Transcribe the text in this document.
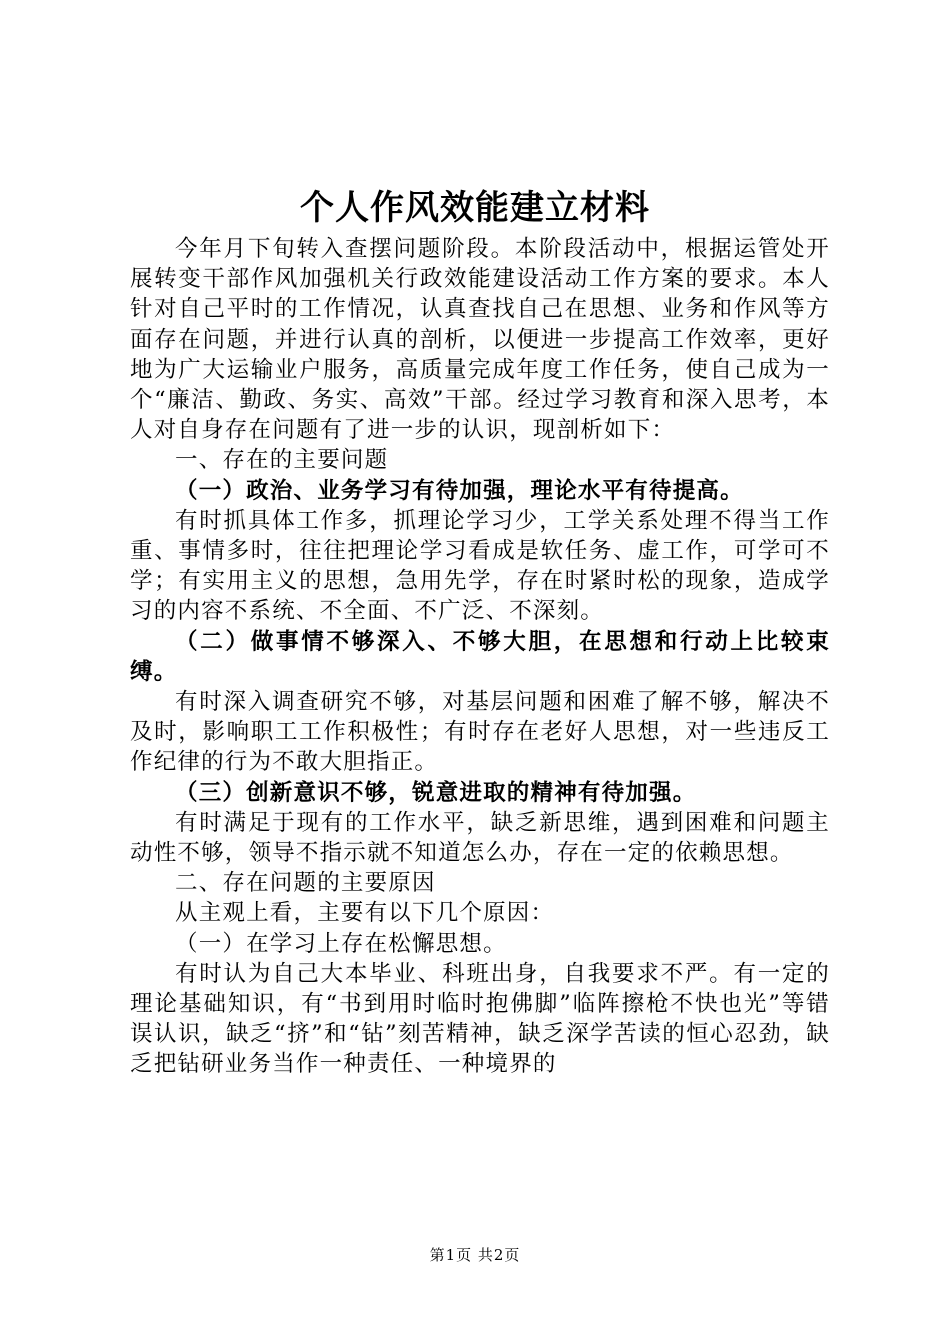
个人作风效能建立材料

今年月下旬转入查摆问题阶段。本阶段活动中，根据运管处开展转变干部作风加强机关行政效能建设活动工作方案的要求。本人针对自己平时的工作情况，认真查找自己在思想、业务和作风等方面存在问题，并进行认真的剖析，以便进一步提高工作效率，更好地为广大运输业户服务，高质量完成年度工作任务，使自己成为一个“廉洁、勤政、务实、高效”干部。经过学习教育和深入思考，本人对自身存在问题有了进一步的认识，现剖析如下：

一、存在的主要问题

（一）政治、业务学习有待加强，理论水平有待提高。

有时抓具体工作多，抓理论学习少，工学关系处理不得当工作重、事情多时，往往把理论学习看成是软任务、虚工作，可学可不学；有实用主义的思想，急用先学，存在时紧时松的现象，造成学习的内容不系统、不全面、不广泛、不深刻。

（二）做事情不够深入、不够大胆，在思想和行动上比较束缚。

有时深入调查研究不够，对基层问题和困难了解不够，解决不及时，影响职工工作积极性；有时存在老好人思想，对一些违反工作纪律的行为不敢大胆指正。

（三）创新意识不够，锐意进取的精神有待加强。

有时满足于现有的工作水平，缺乏新思维，遇到困难和问题主动性不够，领导不指示就不知道怎么办，存在一定的依赖思想。

二、存在问题的主要原因

从主观上看，主要有以下几个原因：

（一）在学习上存在松懈思想。

有时认为自己大本毕业、科班出身，自我要求不严。有一定的理论基础知识，有“书到用时临时抱佛脚”临阵擦枪不快也光”等错误认识，缺乏“挤”和“钻”刻苦精神，缺乏深学苦读的恒心忍劲，缺乏把钻研业务当作一种责任、一种境界的

第1页 共2页
